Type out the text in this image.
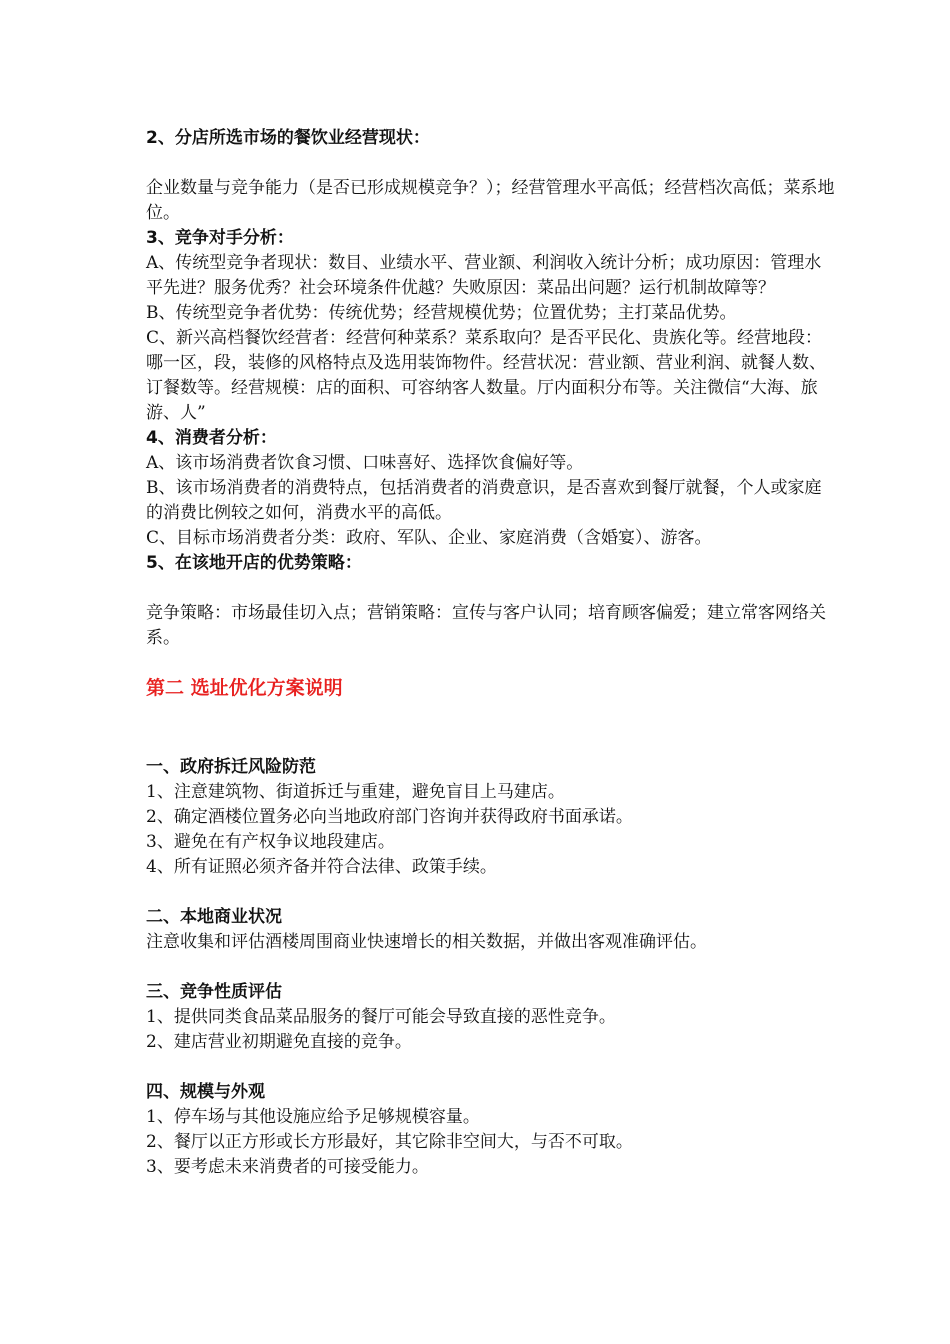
2、分店所选市场的餐饮业经营现状：
企业数量与竞争能力（是否已形成规模竞争？）；经营管理水平高低；经营档次高低；菜系地位。
3、竞争对手分析：
A、传统型竞争者现状：数目、业绩水平、营业额、利润收入统计分析；成功原因：管理水平先进？服务优秀？社会环境条件优越？失败原因：菜品出问题？运行机制故障等？
B、传统型竞争者优势：传统优势；经营规模优势；位置优势；主打菜品优势。
C、新兴高档餐饮经营者：经营何种菜系？菜系取向？是否平民化、贵族化等。经营地段：哪一区，段，装修的风格特点及选用装饰物件。经营状况：营业额、营业利润、就餐人数、订餐数等。经营规模：店的面积、可容纳客人数量。厅内面积分布等。关注微信“大海、旅游、人”
4、消费者分析：
A、该市场消费者饮食习惯、口味喜好、选择饮食偏好等。
B、该市场消费者的消费特点，包括消费者的消费意识，是否喜欢到餐厅就餐，个人或家庭的消费比例较之如何，消费水平的高低。
C、目标市场消费者分类：政府、军队、企业、家庭消费（含婚宴）、游客。
5、在该地开店的优势策略：
竞争策略：市场最佳切入点；营销策略：宣传与客户认同；培育顾客偏爱；建立常客网络关系。
第二 选址优化方案说明
一、政府拆迁风险防范
1、注意建筑物、街道拆迁与重建，避免盲目上马建店。
2、确定酒楼位置务必向当地政府部门咨询并获得政府书面承诺。
3、避免在有产权争议地段建店。
4、所有证照必须齐备并符合法律、政策手续。
二、本地商业状况
注意收集和评估酒楼周围商业快速增长的相关数据，并做出客观准确评估。
三、竞争性质评估
1、提供同类食品菜品服务的餐厅可能会导致直接的恶性竞争。
2、建店营业初期避免直接的竞争。
四、规模与外观
1、停车场与其他设施应给予足够规模容量。
2、餐厅以正方形或长方形最好，其它除非空间大，与否不可取。
3、要考虑未来消费者的可接受能力。
